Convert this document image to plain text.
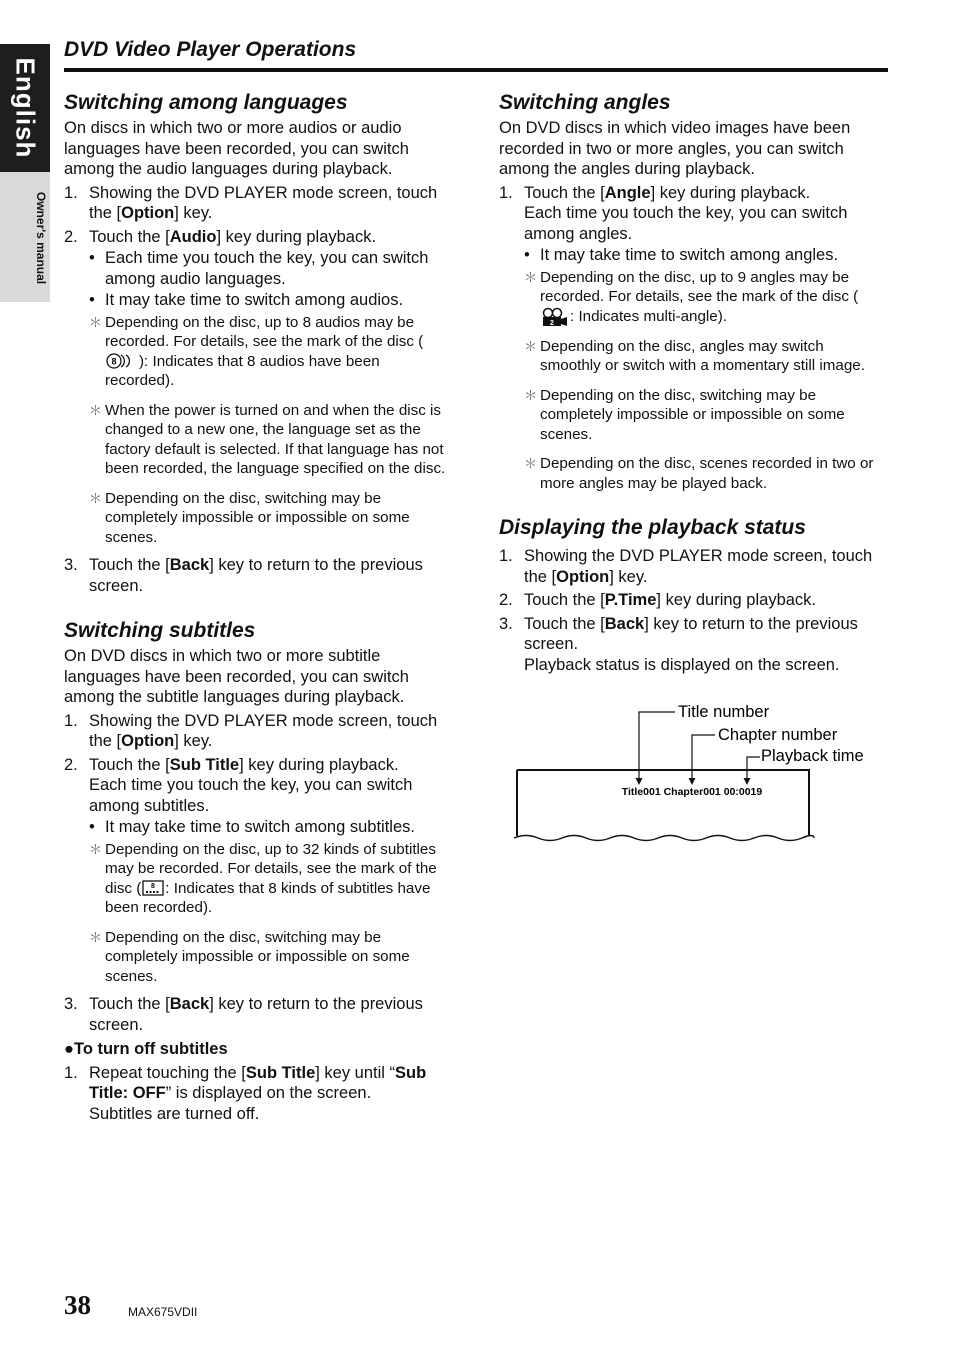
English
Owner's manual
DVD Video Player Operations
Switching among languages

On discs in which two or more audios or audio languages have been recorded, you can switch among the audio languages during playback.

1. Showing the DVD PLAYER mode screen, touch the [Option] key.
2. Touch the [Audio] key during playback.
• Each time you touch the key, you can switch among audio languages.
• It may take time to switch among audios.
＊ Depending on the disc, up to 8 audios may be recorded. For details, see the mark of the disc (
8 ): Indicates that 8 audios have been recorded).
＊ When the power is turned on and when the disc is changed to a new one, the language set as the factory default is selected. If that language has not been recorded, the language specified on the disc.
＊ Depending on the disc, switching may be completely impossible or impossible on some scenes.
3. Touch the [Back] key to return to the previous screen.
Switching subtitles

On DVD discs in which two or more subtitle languages have been recorded, you can switch among the subtitle languages during playback.

1. Showing the DVD PLAYER mode screen, touch the [Option] key.
2. Touch the [Sub Title] key during playback.
Each time you touch the key, you can switch among subtitles.
• It may take time to switch among subtitles.
＊ Depending on the disc, up to 32 kinds of subtitles may be recorded. For details, see the mark of the disc ( 8 : Indicates that 8 kinds of subtitles have been recorded).
＊ Depending on the disc, switching may be completely impossible or impossible on some scenes.
3. Touch the [Back] key to return to the previous screen.
●To turn off subtitles
1. Repeat touching the [Sub Title] key until “Sub Title: OFF” is displayed on the screen.
Subtitles are turned off.
Switching angles

On DVD discs in which video images have been recorded in two or more angles, you can switch among the angles during playback.

1. Touch the [Angle] key during playback.
Each time you touch the key, you can switch among angles.
• It may take time to switch among angles.
＊ Depending on the disc, up to 9 angles may be recorded. For details, see the mark of the disc (
2 : Indicates multi-angle).
＊ Depending on the disc, angles may switch smoothly or switch with a momentary still image.
＊ Depending on the disc, switching may be completely impossible or impossible on some scenes.
＊ Depending on the disc, scenes recorded in two or more angles may be played back.
Displaying the playback status
1. Showing the DVD PLAYER mode screen, touch the [Option] key.
2. Touch the [P.Time] key during playback.
3. Touch the [Back] key to return to the previous screen.
Playback status is displayed on the screen.
Title number
Chapter number
Playback time
Title001 Chapter001 00:0019
38	MAX675VDII
